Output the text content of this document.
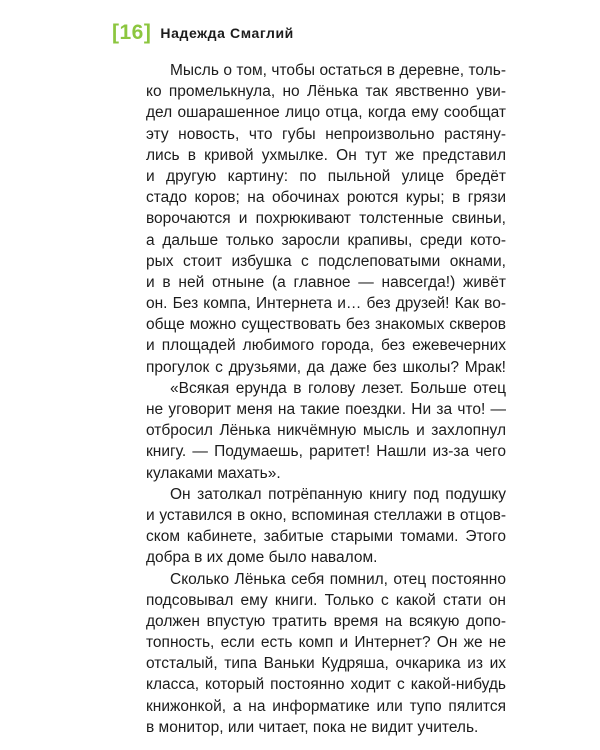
[16] Надежда Смаглий
Мысль о том, чтобы остаться в деревне, толь-
ко промелькнула, но Лёнька так явственно уви-
дел ошарашенное лицо отца, когда ему сообщат
эту новость, что губы непроизвольно растяну-
лись в кривой ухмылке. Он тут же представил
и другую картину: по пыльной улице бредёт
стадо коров; на обочинах роются куры; в грязи
ворочаются и похрюкивают толстенные свиньи,
а дальше только заросли крапивы, среди кото-
рых стоит избушка с подслеповатыми окнами,
и в ней отныне (а главное — навсегда!) живёт
он. Без компа, Интернета и… без друзей! Как во-
обще можно существовать без знакомых скверов
и площадей любимого города, без ежевечерних
прогулок с друзьями, да даже без школы? Мрак!
«Всякая ерунда в голову лезет. Больше отец
не уговорит меня на такие поездки. Ни за что! —
отбросил Лёнька никчёмную мысль и захлопнул
книгу. — Подумаешь, раритет! Нашли из-за чего
кулаками махать».
Он затолкал потрёпанную книгу под подушку
и уставился в окно, вспоминая стеллажи в отцов-
ском кабинете, забитые старыми томами. Этого
добра в их доме было навалом.
Сколько Лёнька себя помнил, отец постоянно
подсовывал ему книги. Только с какой стати он
должен впустую тратить время на всякую допо-
топность, если есть комп и Интернет? Он же не
отсталый, типа Ваньки Кудряша, очкарика из их
класса, который постоянно ходит с какой-нибудь
книжонкой, а на информатике или тупо пялится
в монитор, или читает, пока не видит учитель.
